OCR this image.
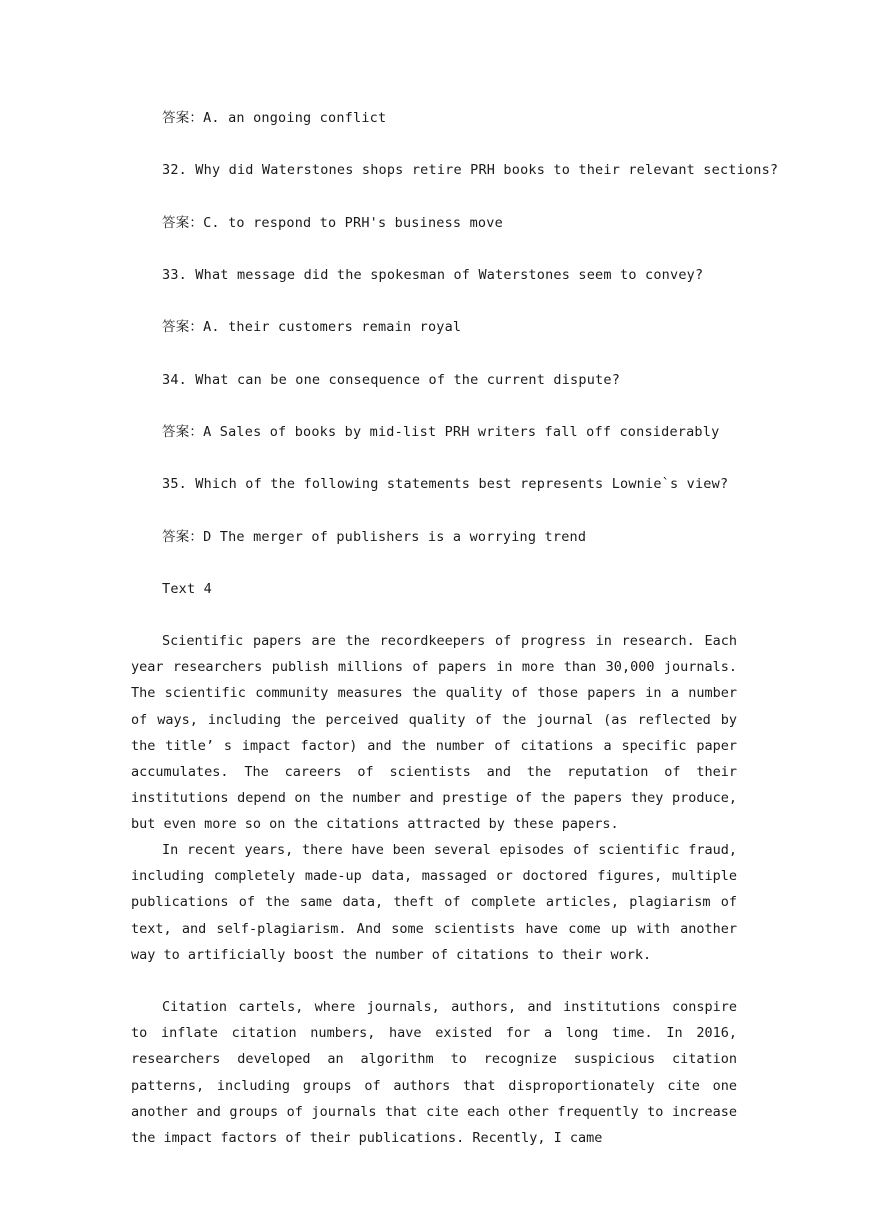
答案：A. an ongoing conflict
32. Why did Waterstones shops retire PRH books to their relevant sections?
答案：C. to respond to PRH's business move
33. What message did the spokesman of Waterstones seem to convey?
答案：A. their customers remain royal
34. What can be one consequence of the current dispute?
答案：A Sales of books by mid-list PRH writers fall off considerably
35. Which of the following statements best represents Lownie`s view?
答案：D The merger of publishers is a worrying trend
Text 4

Scientific papers are the recordkeepers of progress in research. Each year researchers publish millions of papers in more than 30,000 journals. The scientific community measures the quality of those papers in a number of ways, including the perceived quality of the journal (as reflected by the title’ s impact factor) and the number of citations a specific paper accumulates. The careers of scientists and the reputation of their institutions depend on the number and prestige of the papers they produce, but even more so on the citations attracted by these papers.

In recent years, there have been several episodes of scientific fraud, including completely made-up data, massaged or doctored figures, multiple publications of the same data, theft of complete articles, plagiarism of text, and self-plagiarism. And some scientists have come up with another way to artificially boost the number of citations to their work.

Citation cartels, where journals, authors, and institutions conspire to inflate citation numbers, have existed for a long time. In 2016, researchers developed an algorithm to recognize suspicious citation patterns, including groups of authors that disproportionately cite one another and groups of journals that cite each other frequently to increase the impact factors of their publications. Recently, I came
